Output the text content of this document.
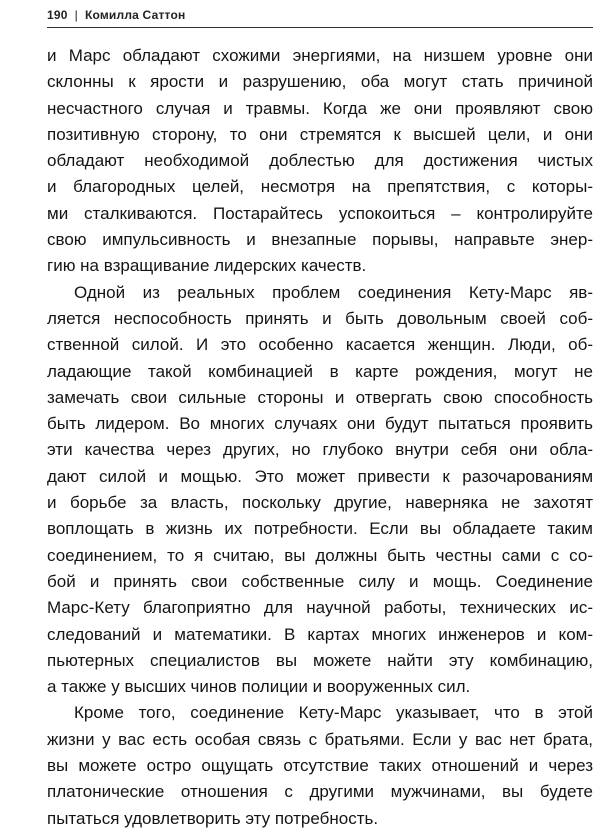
190 | Комилла Саттон
и Марс обладают схожими энергиями, на низшем уровне они
склонны к ярости и разрушению, оба могут стать причиной
несчастного случая и травмы. Когда же они проявляют свою
позитивную сторону, то они стремятся к высшей цели, и они
обладают необходимой доблестью для достижения чистых
и благородных целей, несмотря на препятствия, с которы-
ми сталкиваются. Постарайтесь успокоиться – контролируйте
свою импульсивность и внезапные порывы, направьте энер-
гию на взращивание лидерских качеств.
Одной из реальных проблем соединения Кету-Марс яв-
ляется неспособность принять и быть довольным своей соб-
ственной силой. И это особенно касается женщин. Люди, об-
ладающие такой комбинацией в карте рождения, могут не
замечать свои сильные стороны и отвергать свою способность
быть лидером. Во многих случаях они будут пытаться проявить
эти качества через других, но глубоко внутри себя они обла-
дают силой и мощью. Это может привести к разочарованиям
и борьбе за власть, поскольку другие, наверняка не захотят
воплощать в жизнь их потребности. Если вы обладаете таким
соединением, то я считаю, вы должны быть честны сами с со-
бой и принять свои собственные силу и мощь. Соединение
Марс-Кету благоприятно для научной работы, технических ис-
следований и математики. В картах многих инженеров и ком-
пьютерных специалистов вы можете найти эту комбинацию,
а также у высших чинов полиции и вооруженных сил.
Кроме того, соединение Кету-Марс указывает, что в этой
жизни у вас есть особая связь с братьями. Если у вас нет брата,
вы можете остро ощущать отсутствие таких отношений и через
платонические отношения с другими мужчинами, вы будете
пытаться удовлетворить эту потребность.
